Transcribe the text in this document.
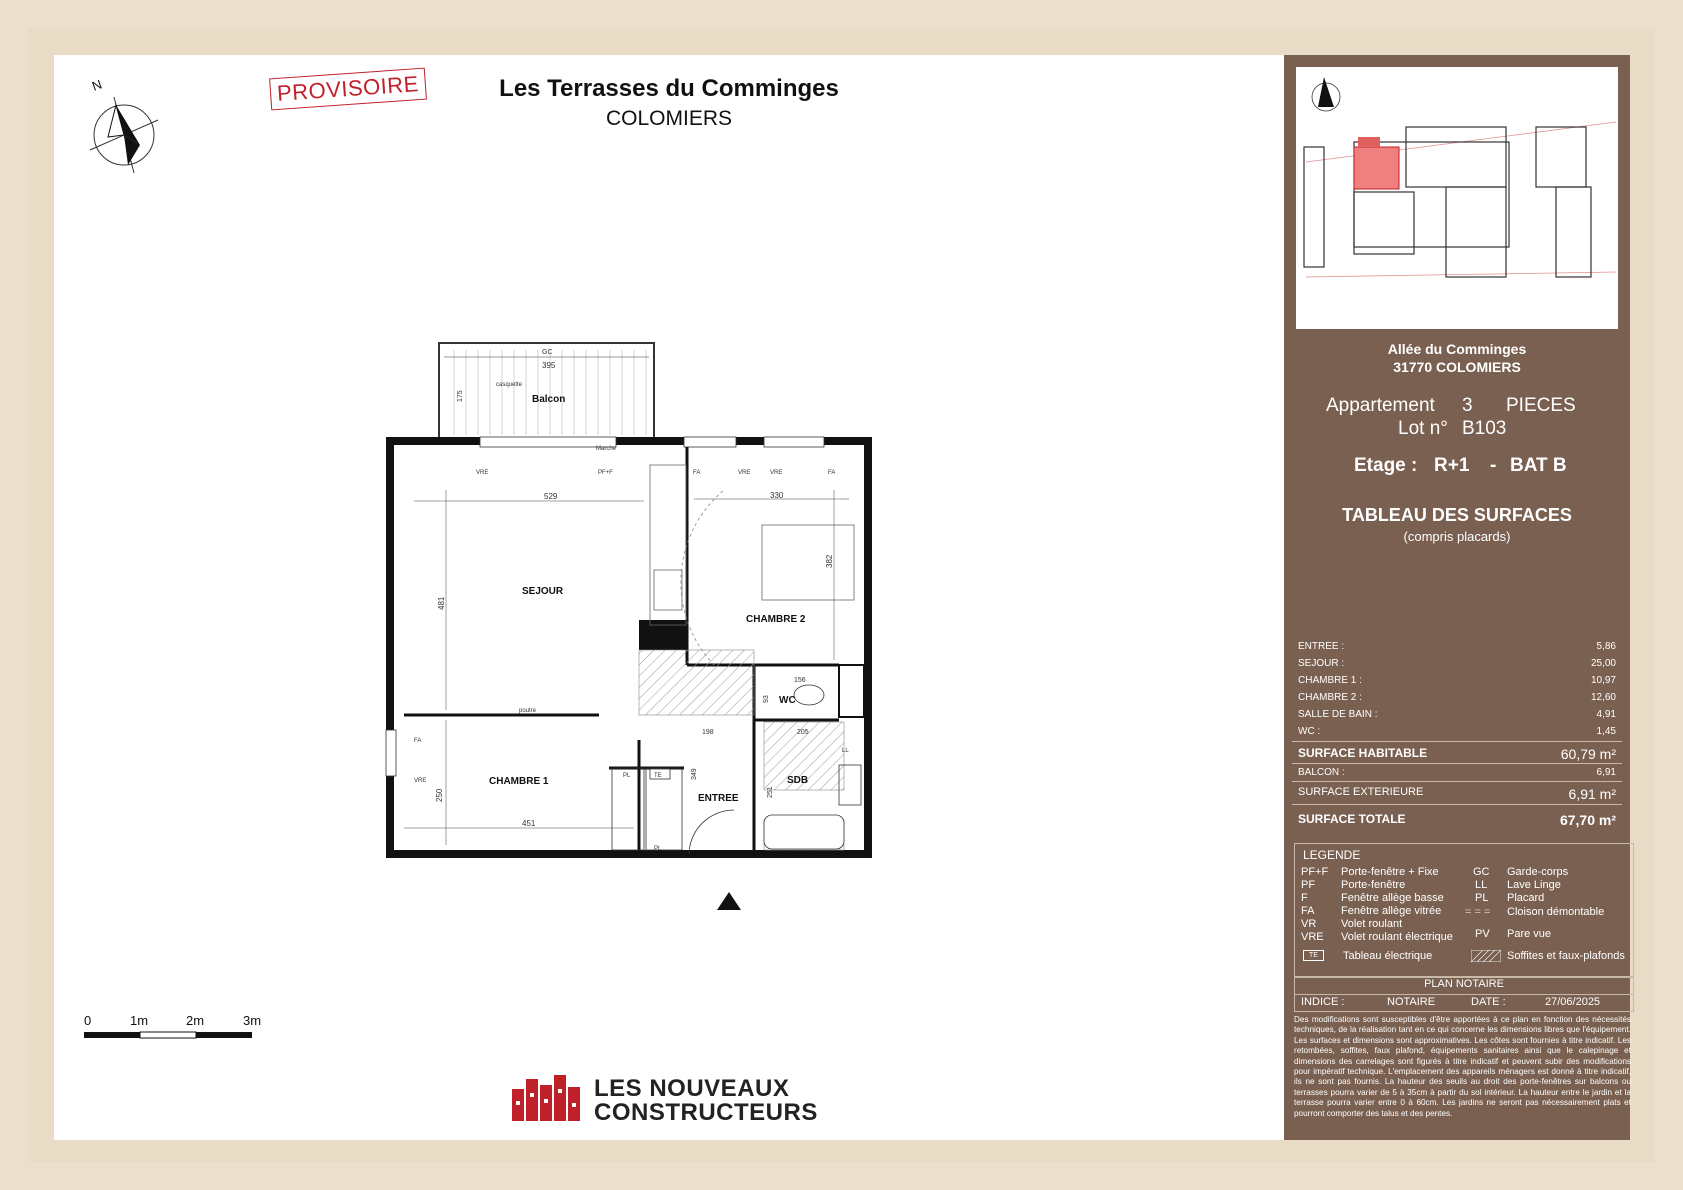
Les Terrasses du Comminges
COLOMIERS
PROVISOIRE
N
GC
395
casquette
175	Balcon
Marche
529
481
SEJOUR
330
382
CHAMBRE 2
156
93 WC
198
349
ENTREE
205
251
SDB
451
250
CHAMBRE 1
VRE	PF+F	FA	VRE	VRE	FA
poutre
FA
VRE
PL	TE
PL
LL
0	1m	2m	3m
LES NOUVEAUX
CONSTRUCTEURS
Allée du Comminges
31770 COLOMIERS
Appartement 3 PIECES
Lot n° B103
Etage : R+1 - BAT B
TABLEAU DES SURFACES
(compris placards)
ENTREE :	5,86
SEJOUR :	25,00
CHAMBRE 1 :	10,97
CHAMBRE 2 :	12,60
SALLE DE BAIN :	4,91
WC :	1,45
SURFACE HABITABLE	60,79 m²
BALCON :	6,91
SURFACE EXTERIEURE	6,91 m²
SURFACE TOTALE	67,70 m²
LEGENDE
PF+F Porte-fenêtre + Fixe
PF Porte-fenêtre
F	Fenêtre allège basse
FA Fenêtre allège vitrée
VR Volet roulant
VRE Volet roulant électrique
GC Garde-corps
LL Lave Linge
PL Placard
= = = Cloison démontable
PV Pare vue
TE	Tableau électrique	Soffites et faux-plafonds
PLAN NOTAIRE
INDICE :	NOTAIRE	DATE :	27/06/2025
Des modifications sont susceptibles d'être apportées à ce plan en fonction des nécessités techniques, de la réalisation tant en ce qui concerne les dimensions libres que l'équipement. Les surfaces et dimensions sont approximatives. Les côtes sont fournies à titre indicatif. Les retombées, soffites, faux plafond, équipements sanitaires ainsi que le calepinage et dimensions des carrelages sont figurés à titre indicatif et peuvent subir des modifications pour impératif technique. L'emplacement des appareils ménagers est donné à titre indicatif, ils ne sont pas fournis. La hauteur des seuils au droit des porte-fenêtres sur balcons ou terrasses pourra varier de 5 à 35cm à partir du sol intérieur. La hauteur entre le jardin et la terrasse pourra varier entre 0 à 60cm. Les jardins ne seront pas nécessairement plats et pourront comporter des talus et des pentes.
